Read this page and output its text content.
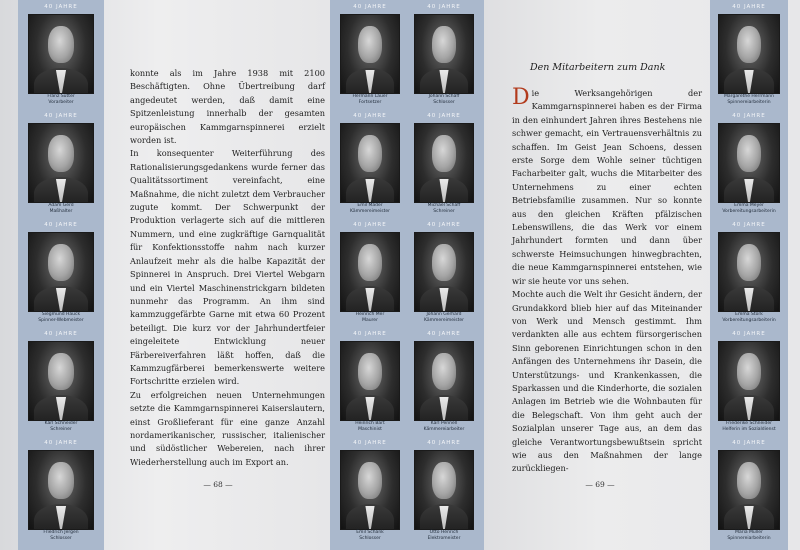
40 JAHRE
Franz Sutter
Vorarbeiter
40 JAHRE
Adam Gerd
Maßhalter
40 JAHRE
Siegmund Hauck
Spinner-Webmeister
40 JAHRE
Karl Schneider
Schreiner
40 JAHRE
Friedrich Jergen
Schlosser
40 JAHRE
Hermann Lauer
Fortsetzer
40 JAHRE
Emil Mader
Kämmereimeister
40 JAHRE
Heinrich Mer
Maurer
40 JAHRE
Heinrich Bart
Maschinist
40 JAHRE
Emil Schank
Schlosser
40 JAHRE
Johann Schaff
Schlosser
40 JAHRE
Michael Schaff
Schreiner
40 JAHRE
Johann Gerhard
Kämmereimeister
40 JAHRE
Karl Pennell
Kämmereiarbeiter
40 JAHRE
Otto Henrich
Elektromeister
40 JAHRE
Margarethe Herrmann
Spinnereiarbeiterin
40 JAHRE
Emma Meyer
Vorbereitungsarbeiterin
40 JAHRE
Emma Stork
Vorbereitungsarbeiterin
40 JAHRE
Friederike Schneider
Helferin im Sozialdienst
40 JAHRE
Maria Müller
Spinnereiarbeiterin

konnte als im Jahre 1938 mit 2100 Beschäftigten. Ohne Übertreibung darf angedeutet werden, daß damit eine Spitzenleistung innerhalb der gesamten europäischen Kammgarnspinnerei erzielt worden ist.

In konsequenter Weiterführung des Rationalisierungsgedankens wurde ferner das Qualitätssortiment vereinfacht, eine Maßnahme, die nicht zuletzt dem Verbraucher zugute kommt. Der Schwerpunkt der Produktion verlagerte sich auf die mittleren Nummern, und eine zugkräftige Garnqualität für Konfektionsstoffe nahm nach kurzer Anlaufzeit mehr als die halbe Kapazität der Spinnerei in Anspruch. Drei Viertel Webgarn und ein Viertel Maschinenstrickgarn bildeten nunmehr das Programm. An ihm sind kammzuggefärbte Garne mit etwa 60 Prozent beteiligt. Die kurz vor der Jahrhundertfeier eingeleitete Entwicklung neuer Färbereiverfahren läßt hoffen, daß die Kammzugfärberei bemerkenswerte weitere Fortschritte erzielen wird.

Zu erfolgreichen neuen Unternehmungen setzte die Kammgarnspinnerei Kaiserslautern, einst Großlieferant für eine ganze Anzahl nordamerikanischer, russischer, italienischer und südöstlicher Webereien, nach ihrer Wiederherstellung auch im Export an.

— 68 —
Den Mitarbeitern zum Dank

Die Werksangehörigen der Kammgarnspinnerei haben es der Firma in den einhundert Jahren ihres Bestehens nie schwer gemacht, ein Vertrauensverhältnis zu schaffen. Im Geist Jean Schoens, dessen erste Sorge dem Wohle seiner tüchtigen Facharbeiter galt, wuchs die Mitarbeiter des Unternehmens zu einer echten Betriebsfamilie zusammen. Nur so konnte aus den gleichen Kräften pfälzischen Lebenswillens, die das Werk vor einem Jahrhundert formten und dann über schwerste Heimsuchungen hinwegbrachten, die neue Kammgarnspinnerei entstehen, wie wir sie heute vor uns sehen.

Mochte auch die Welt ihr Gesicht ändern, der Grundakkord blieb hier auf das Miteinander von Werk und Mensch gestimmt. Ihm verdankten alle aus echtem fürsorgerischen Sinn geborenen Einrichtungen schon in den Anfängen des Unternehmens ihr Dasein, die Unterstützungs- und Krankenkassen, die Sparkassen und die Kinderhorte, die sozialen Anlagen im Betrieb wie die Wohnbauten für die Belegschaft. Von ihm geht auch der Sozialplan unserer Tage aus, an dem das gleiche Verantwortungsbewußtsein spricht wie aus den Maßnahmen der lange zurückliegen-

— 69 —
